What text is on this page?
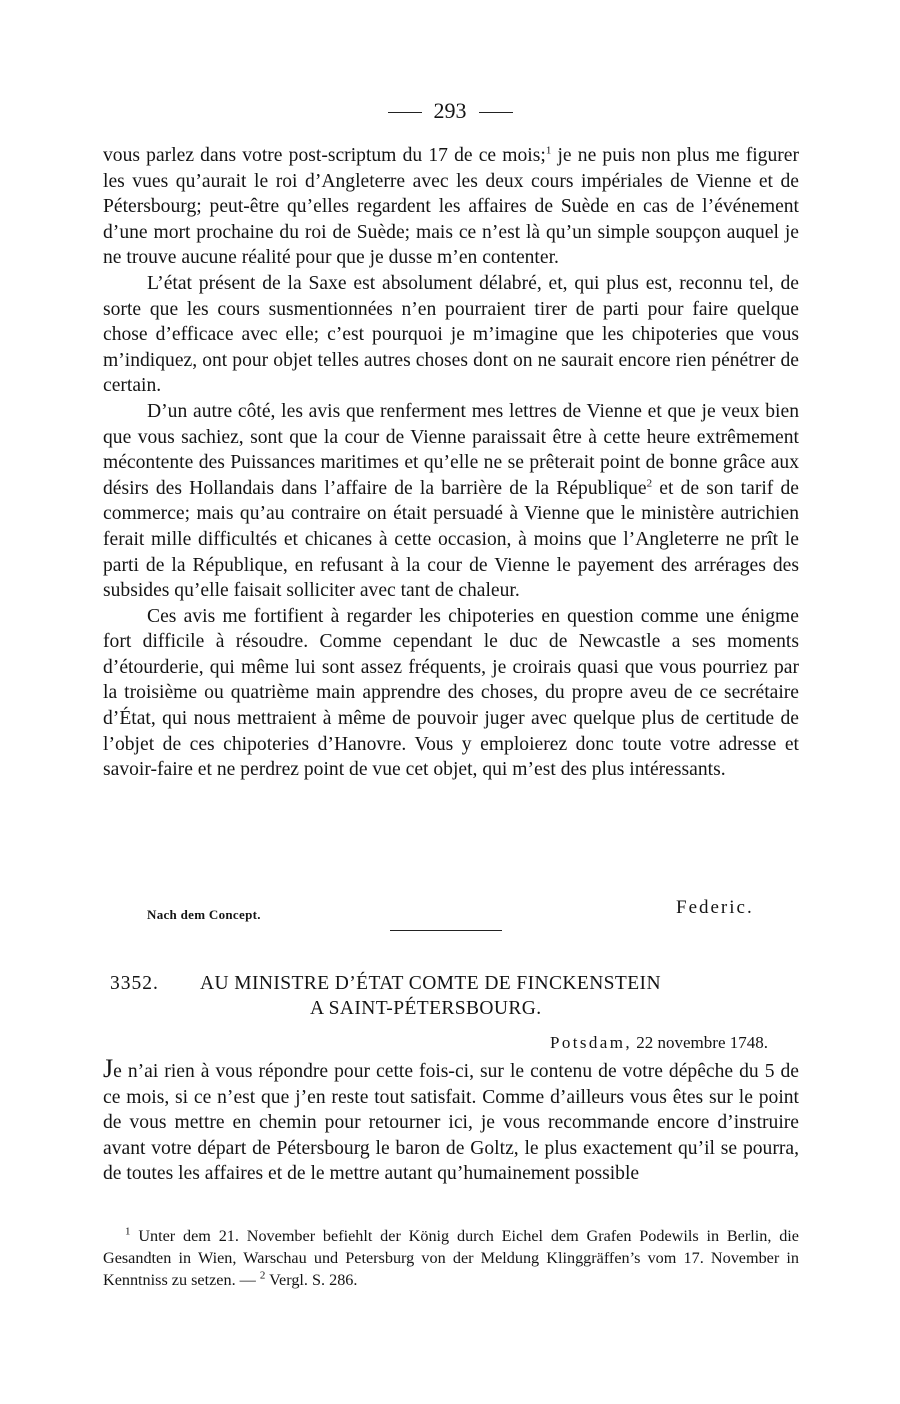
293

vous parlez dans votre post-scriptum du 17 de ce mois;$^1$ je ne puis non plus me figurer les vues qu’aurait le roi d’Angleterre avec les deux cours impériales de Vienne et de Pétersbourg; peut-être qu’elles regardent les affaires de Suède en cas de l’événement d’une mort prochaine du roi de Suède; mais ce n’est là qu’un simple soupçon auquel je ne trouve aucune réalité pour que je dusse m’en contenter.

L’état présent de la Saxe est absolument délabré, et, qui plus est, reconnu tel, de sorte que les cours susmentionnées n’en pourraient tirer de parti pour faire quelque chose d’efficace avec elle; c’est pourquoi je m’imagine que les chipoteries que vous m’indiquez, ont pour objet telles autres choses dont on ne saurait encore rien pénétrer de certain.

D’un autre côté, les avis que renferment mes lettres de Vienne et que je veux bien que vous sachiez, sont que la cour de Vienne paraissait être à cette heure extrêmement mécontente des Puissances maritimes et qu’elle ne se prêterait point de bonne grâce aux désirs des Hollandais dans l’affaire de la barrière de la République$^2$ et de son tarif de commerce; mais qu’au contraire on était persuadé à Vienne que le ministère autrichien ferait mille difficultés et chicanes à cette occasion, à moins que l’Angleterre ne prît le parti de la République, en refusant à la cour de Vienne le payement des arrérages des subsides qu’elle faisait solliciter avec tant de chaleur.

Ces avis me fortifient à regarder les chipoteries en question comme une énigme fort difficile à résoudre. Comme cependant le duc de Newcastle a ses moments d’étourderie, qui même lui sont assez fréquents, je croirais quasi que vous pourriez par la troisième ou quatrième main apprendre des choses, du propre aveu de ce secrétaire d’État, qui nous mettraient à même de pouvoir juger avec quelque plus de certitude de l’objet de ces chipoteries d’Hanovre. Vous y emploierez donc toute votre adresse et savoir-faire et ne perdrez point de vue cet objet, qui m’est des plus intéressants.

Federic.
Nach dem Concept.
3352. AU MINISTRE D’ÉTAT COMTE DE FINCKENSTEIN
A SAINT-PÉTERSBOURG.
Potsdam, 22 novembre 1748.

Je n’ai rien à vous répondre pour cette fois-ci, sur le contenu de votre dépêche du 5 de ce mois, si ce n’est que j’en reste tout satisfait. Comme d’ailleurs vous êtes sur le point de vous mettre en chemin pour retourner ici, je vous recommande encore d’instruire avant votre départ de Pétersbourg le baron de Goltz, le plus exactement qu’il se pourra, de toutes les affaires et de le mettre autant qu’humainement possible

$^1$ Unter dem 21. November befiehlt der König durch Eichel dem Grafen Podewils in Berlin, die Gesandten in Wien, Warschau und Petersburg von der Meldung Klinggräffen’s vom 17. November in Kenntniss zu setzen. — $^2$ Vergl. S. 286.
